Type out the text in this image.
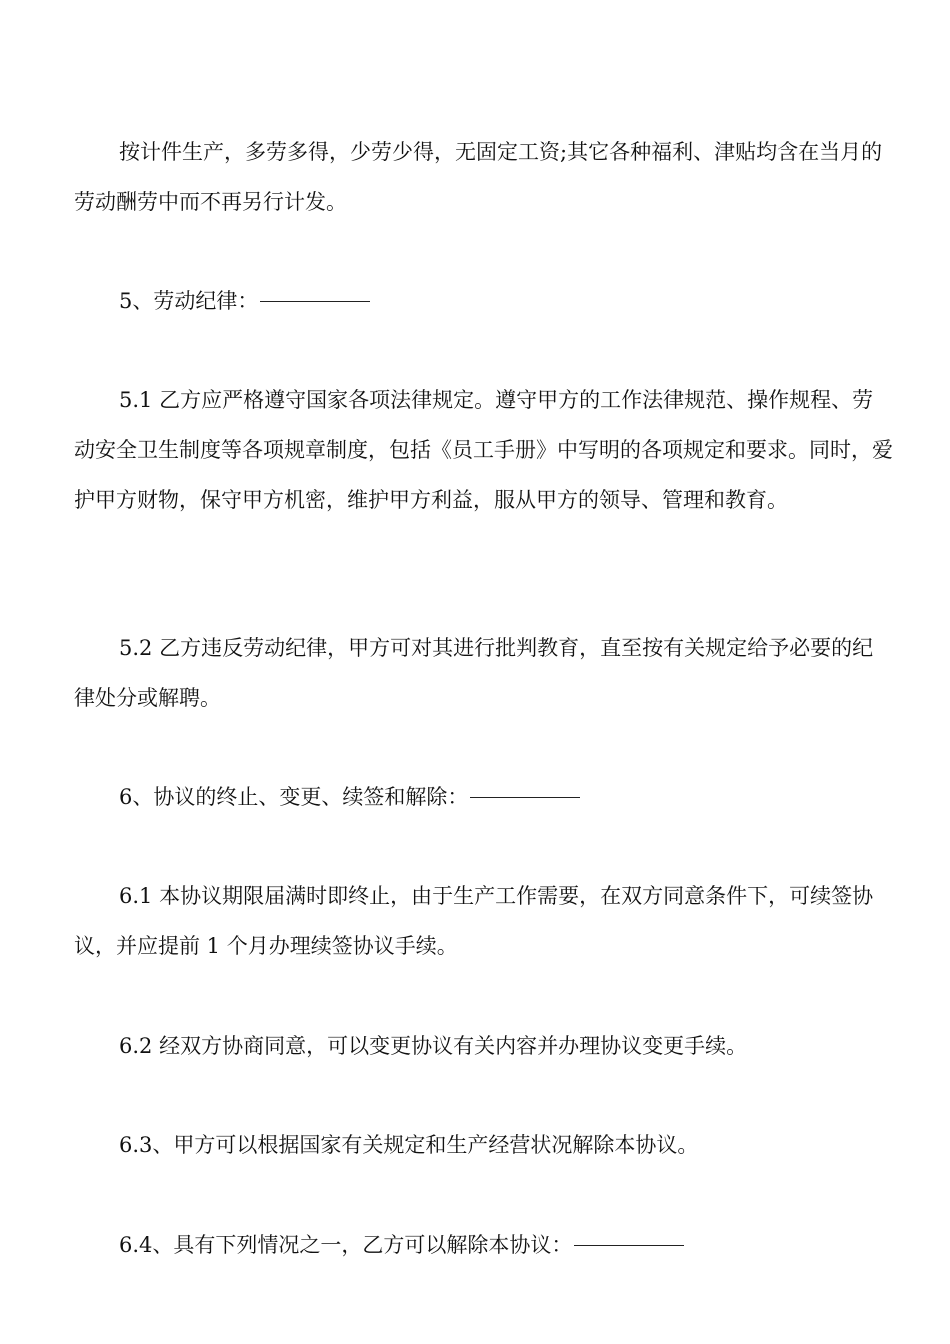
按计件生产，多劳多得，少劳少得，无固定工资;其它各种福利、津贴均含在当月的劳动酬劳中而不再另行计发。

5、劳动纪律：

5.1 乙方应严格遵守国家各项法律规定。遵守甲方的工作法律规范、操作规程、劳动安全卫生制度等各项规章制度，包括《员工手册》中写明的各项规定和要求。同时，爱护甲方财物，保守甲方机密，维护甲方利益，服从甲方的领导、管理和教育。

5.2 乙方违反劳动纪律，甲方可对其进行批判教育，直至按有关规定给予必要的纪律处分或解聘。

6、协议的终止、变更、续签和解除：

6.1 本协议期限届满时即终止，由于生产工作需要，在双方同意条件下，可续签协议，并应提前 1 个月办理续签协议手续。

6.2 经双方协商同意，可以变更协议有关内容并办理协议变更手续。

6.3、甲方可以根据国家有关规定和生产经营状况解除本协议。

6.4、具有下列情况之一，乙方可以解除本协议：
